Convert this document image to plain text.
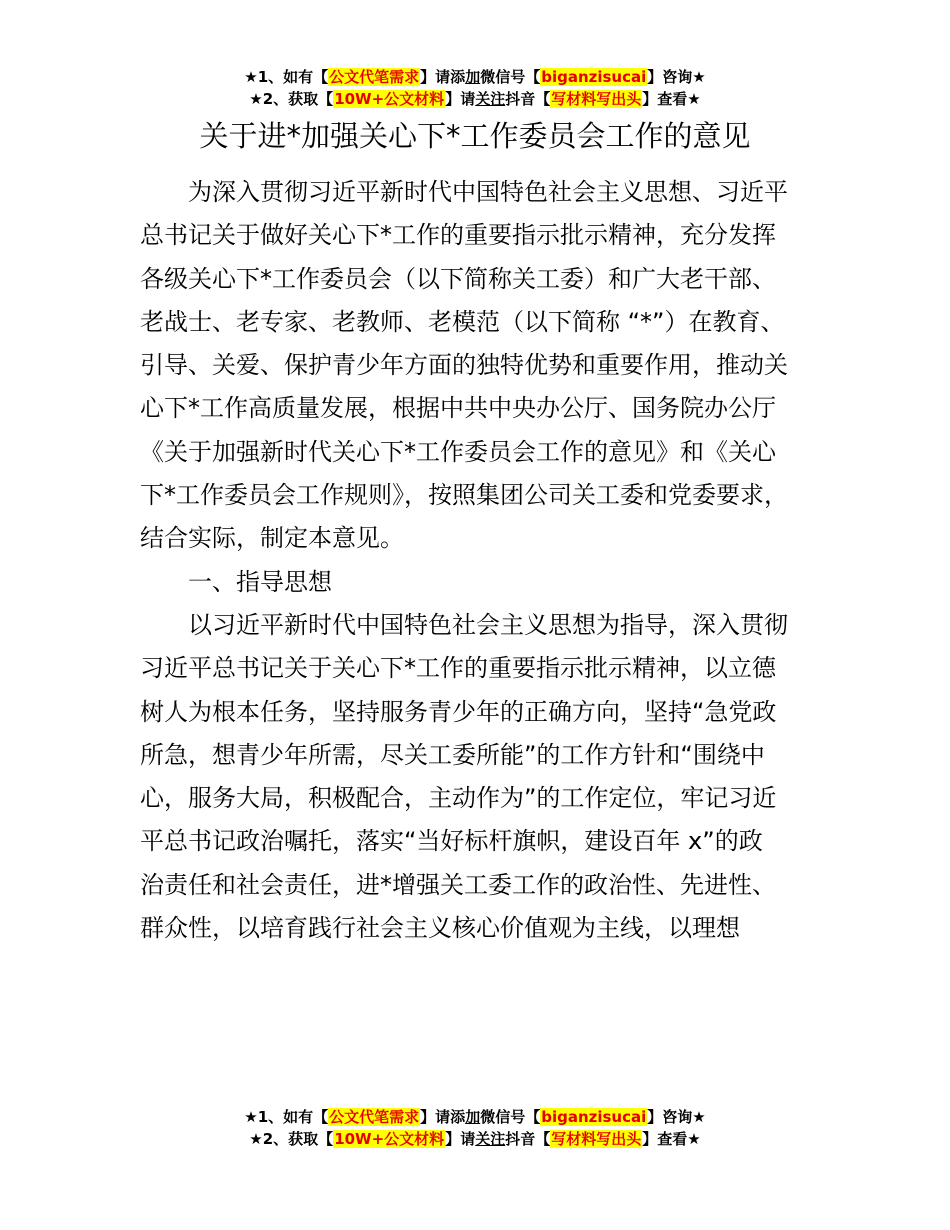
★1、如有【公文代笔需求】请添加微信号【biganzisucai】咨询★
★2、获取【10W+公文材料】请关注抖音【写材料写出头】查看★
关于进*加强关心下*工作委员会工作的意见
为深入贯彻习近平新时代中国特色社会主义思想、习近平
总书记关于做好关心下*工作的重要指示批示精神，充分发挥
各级关心下*工作委员会（以下简称关工委）和广大老干部、
老战士、老专家、老教师、老模范（以下简称 “*”）在教育、
引导、关爱、保护青少年方面的独特优势和重要作用，推动关
心下*工作高质量发展，根据中共中央办公厅、国务院办公厅
《关于加强新时代关心下*工作委员会工作的意见》和《关心
下*工作委员会工作规则》，按照集团公司关工委和党委要求，
结合实际，制定本意见。
一、指导思想
以习近平新时代中国特色社会主义思想为指导，深入贯彻
习近平总书记关于关心下*工作的重要指示批示精神，以立德
树人为根本任务，坚持服务青少年的正确方向，坚持“急党政
所急，想青少年所需，尽关工委所能”的工作方针和“围绕中
心，服务大局，积极配合，主动作为”的工作定位，牢记习近
平总书记政治嘱托，落实“当好标杆旗帜，建设百年 x”的政
治责任和社会责任，进*增强关工委工作的政治性、先进性、
群众性，以培育践行社会主义核心价值观为主线，以理想
★1、如有【公文代笔需求】请添加微信号【biganzisucai】咨询★
★2、获取【10W+公文材料】请关注抖音【写材料写出头】查看★
